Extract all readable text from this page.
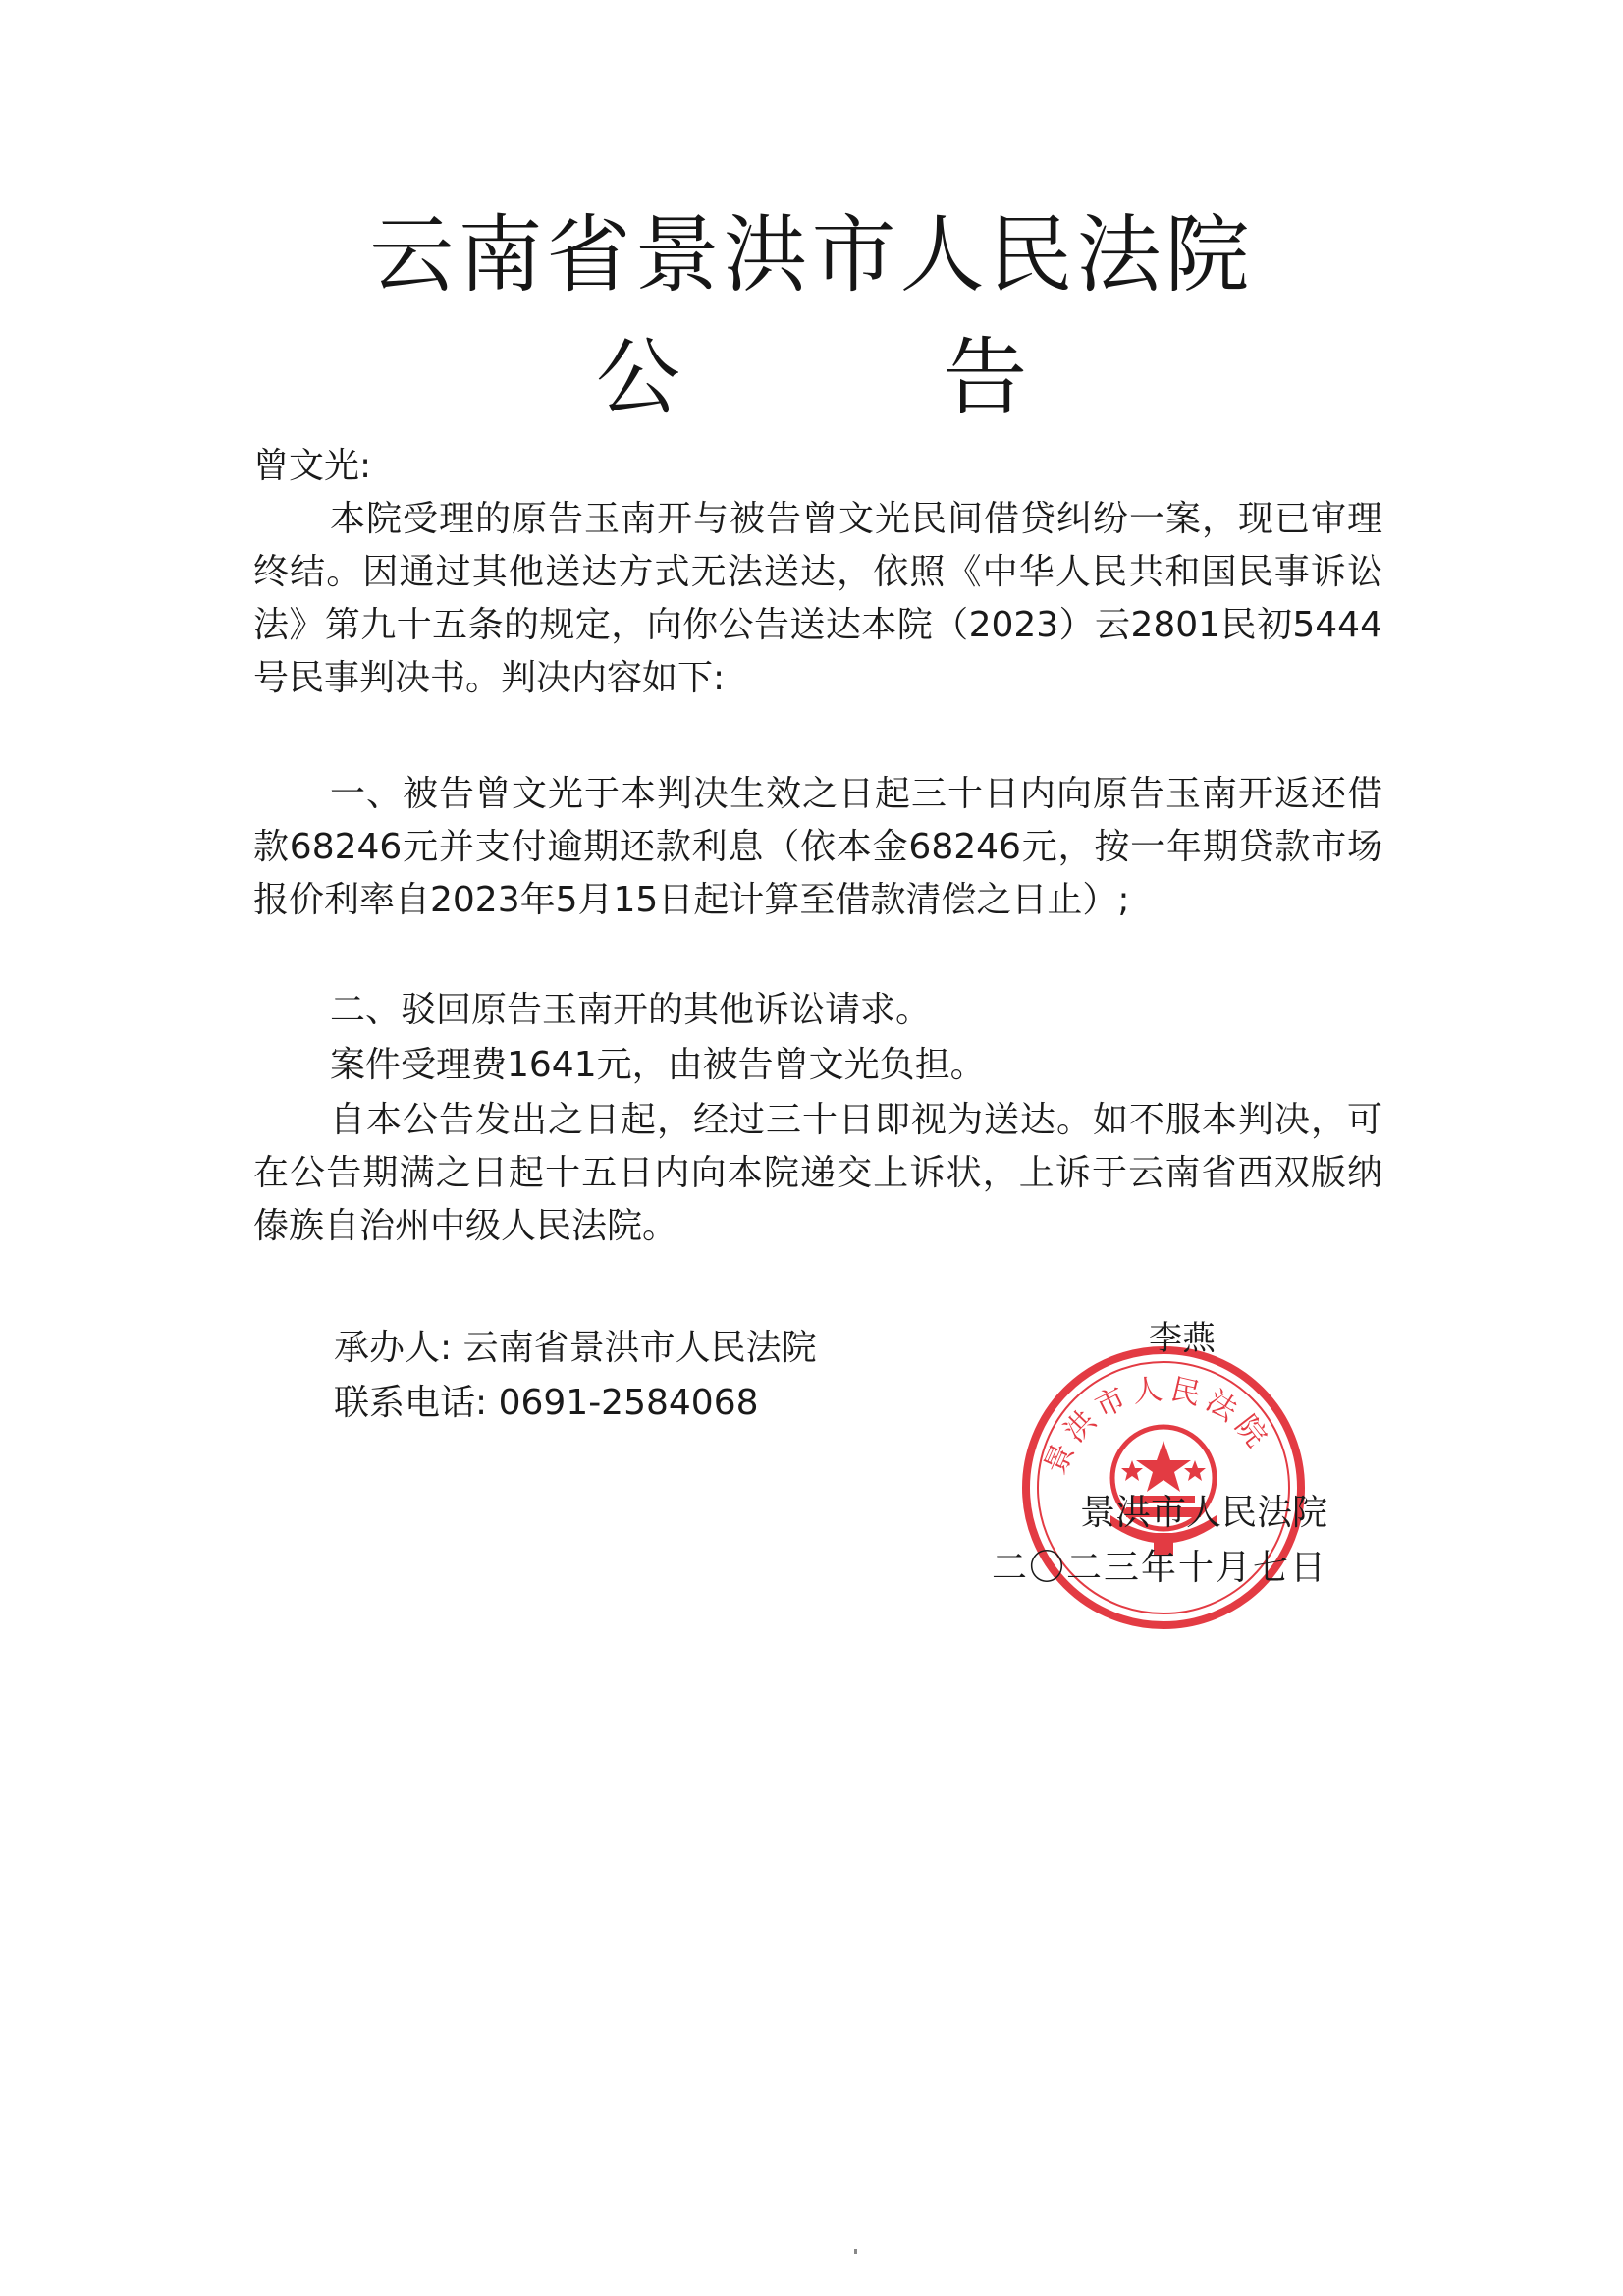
云南省景洪市人民法院
公 告
曾文光:

本院受理的原告玉南开与被告曾文光民间借贷纠纷一案，现已审理终结。因通过其他送达方式无法送达，依照《中华人民共和国民事诉讼法》第九十五条的规定，向你公告送达本院（2023）云2801民初5444号民事判决书。判决内容如下:

一、被告曾文光于本判决生效之日起三十日内向原告玉南开返还借款68246元并支付逾期还款利息（依本金68246元，按一年期贷款市场报价利率自2023年5月15日起计算至借款清偿之日止）;

二、驳回原告玉南开的其他诉讼请求。

案件受理费1641元，由被告曾文光负担。

自本公告发出之日起，经过三十日即视为送达。如不服本判决，可在公告期满之日起十五日内向本院递交上诉状，上诉于云南省西双版纳傣族自治州中级人民法院。

承办人: 云南省景洪市人民法院
联系电话: 0691-2584068
景洪市人民法院
李燕
景洪市人民法院
二〇二三年十月七日
